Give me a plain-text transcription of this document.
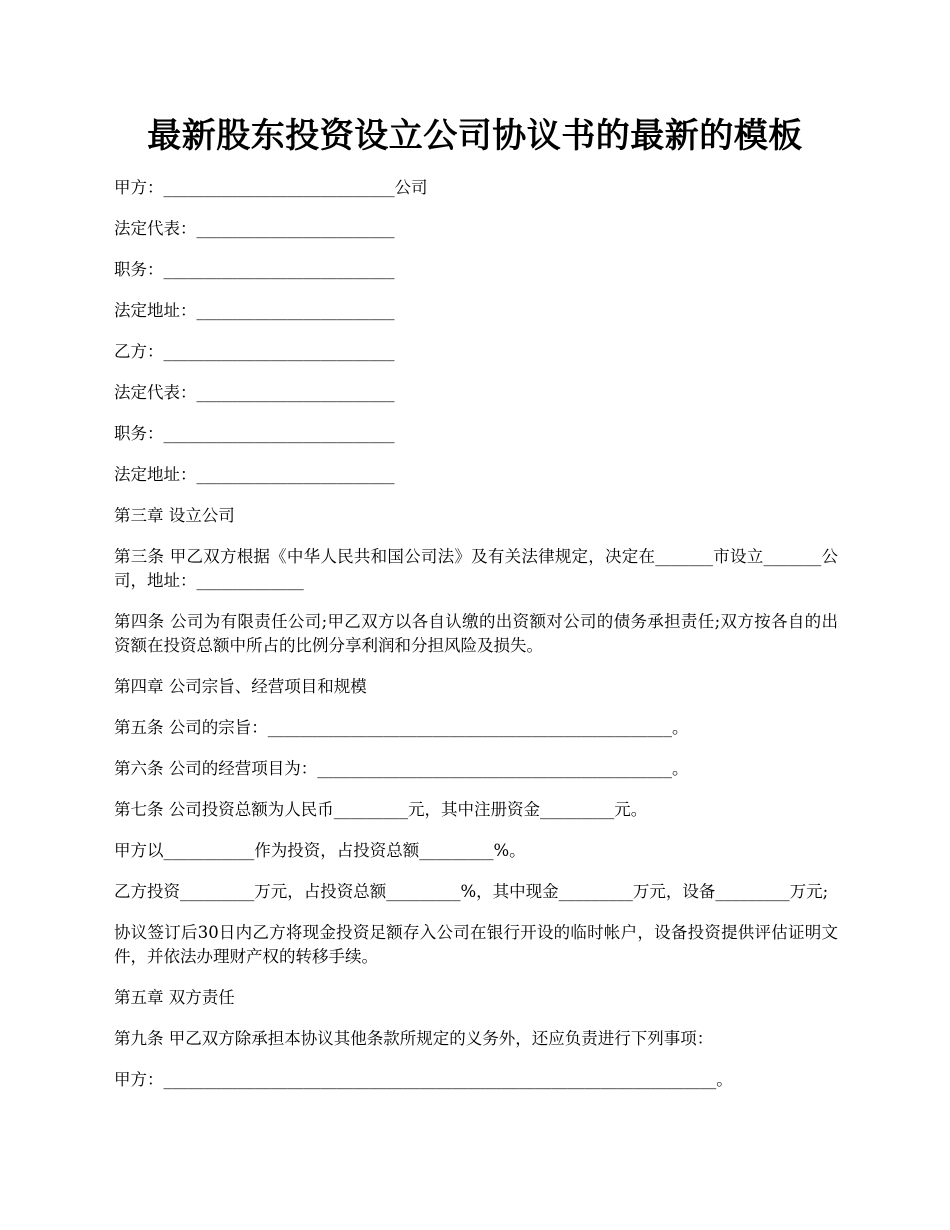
最新股东投资设立公司协议书的最新的模板

甲方：____________________________公司

法定代表：________________________

职务：____________________________

法定地址：________________________

乙方：____________________________

法定代表：________________________

职务：____________________________

法定地址：________________________

第三章 设立公司

第三条 甲乙双方根据《中华人民共和国公司法》及有关法律规定，决定在_______市设立_______公司，地址：_____________

第四条 公司为有限责任公司;甲乙双方以各自认缴的出资额对公司的债务承担责任;双方按各自的出资额在投资总额中所占的比例分享利润和分担风险及损失。

第四章 公司宗旨、经营项目和规模

第五条 公司的宗旨：_________________________________________________。

第六条 公司的经营项目为：___________________________________________。

第七条 公司投资总额为人民币_________元，其中注册资金_________元。

甲方以___________作为投资，占投资总额_________%。

乙方投资_________万元，占投资总额_________%，其中现金_________万元，设备_________万元;

协议签订后30日内乙方将现金投资足额存入公司在银行开设的临时帐户，设备投资提供评估证明文件，并依法办理财产权的转移手续。

第五章 双方责任

第九条 甲乙双方除承担本协议其他条款所规定的义务外，还应负责进行下列事项：

甲方：___________________________________________________________________。
